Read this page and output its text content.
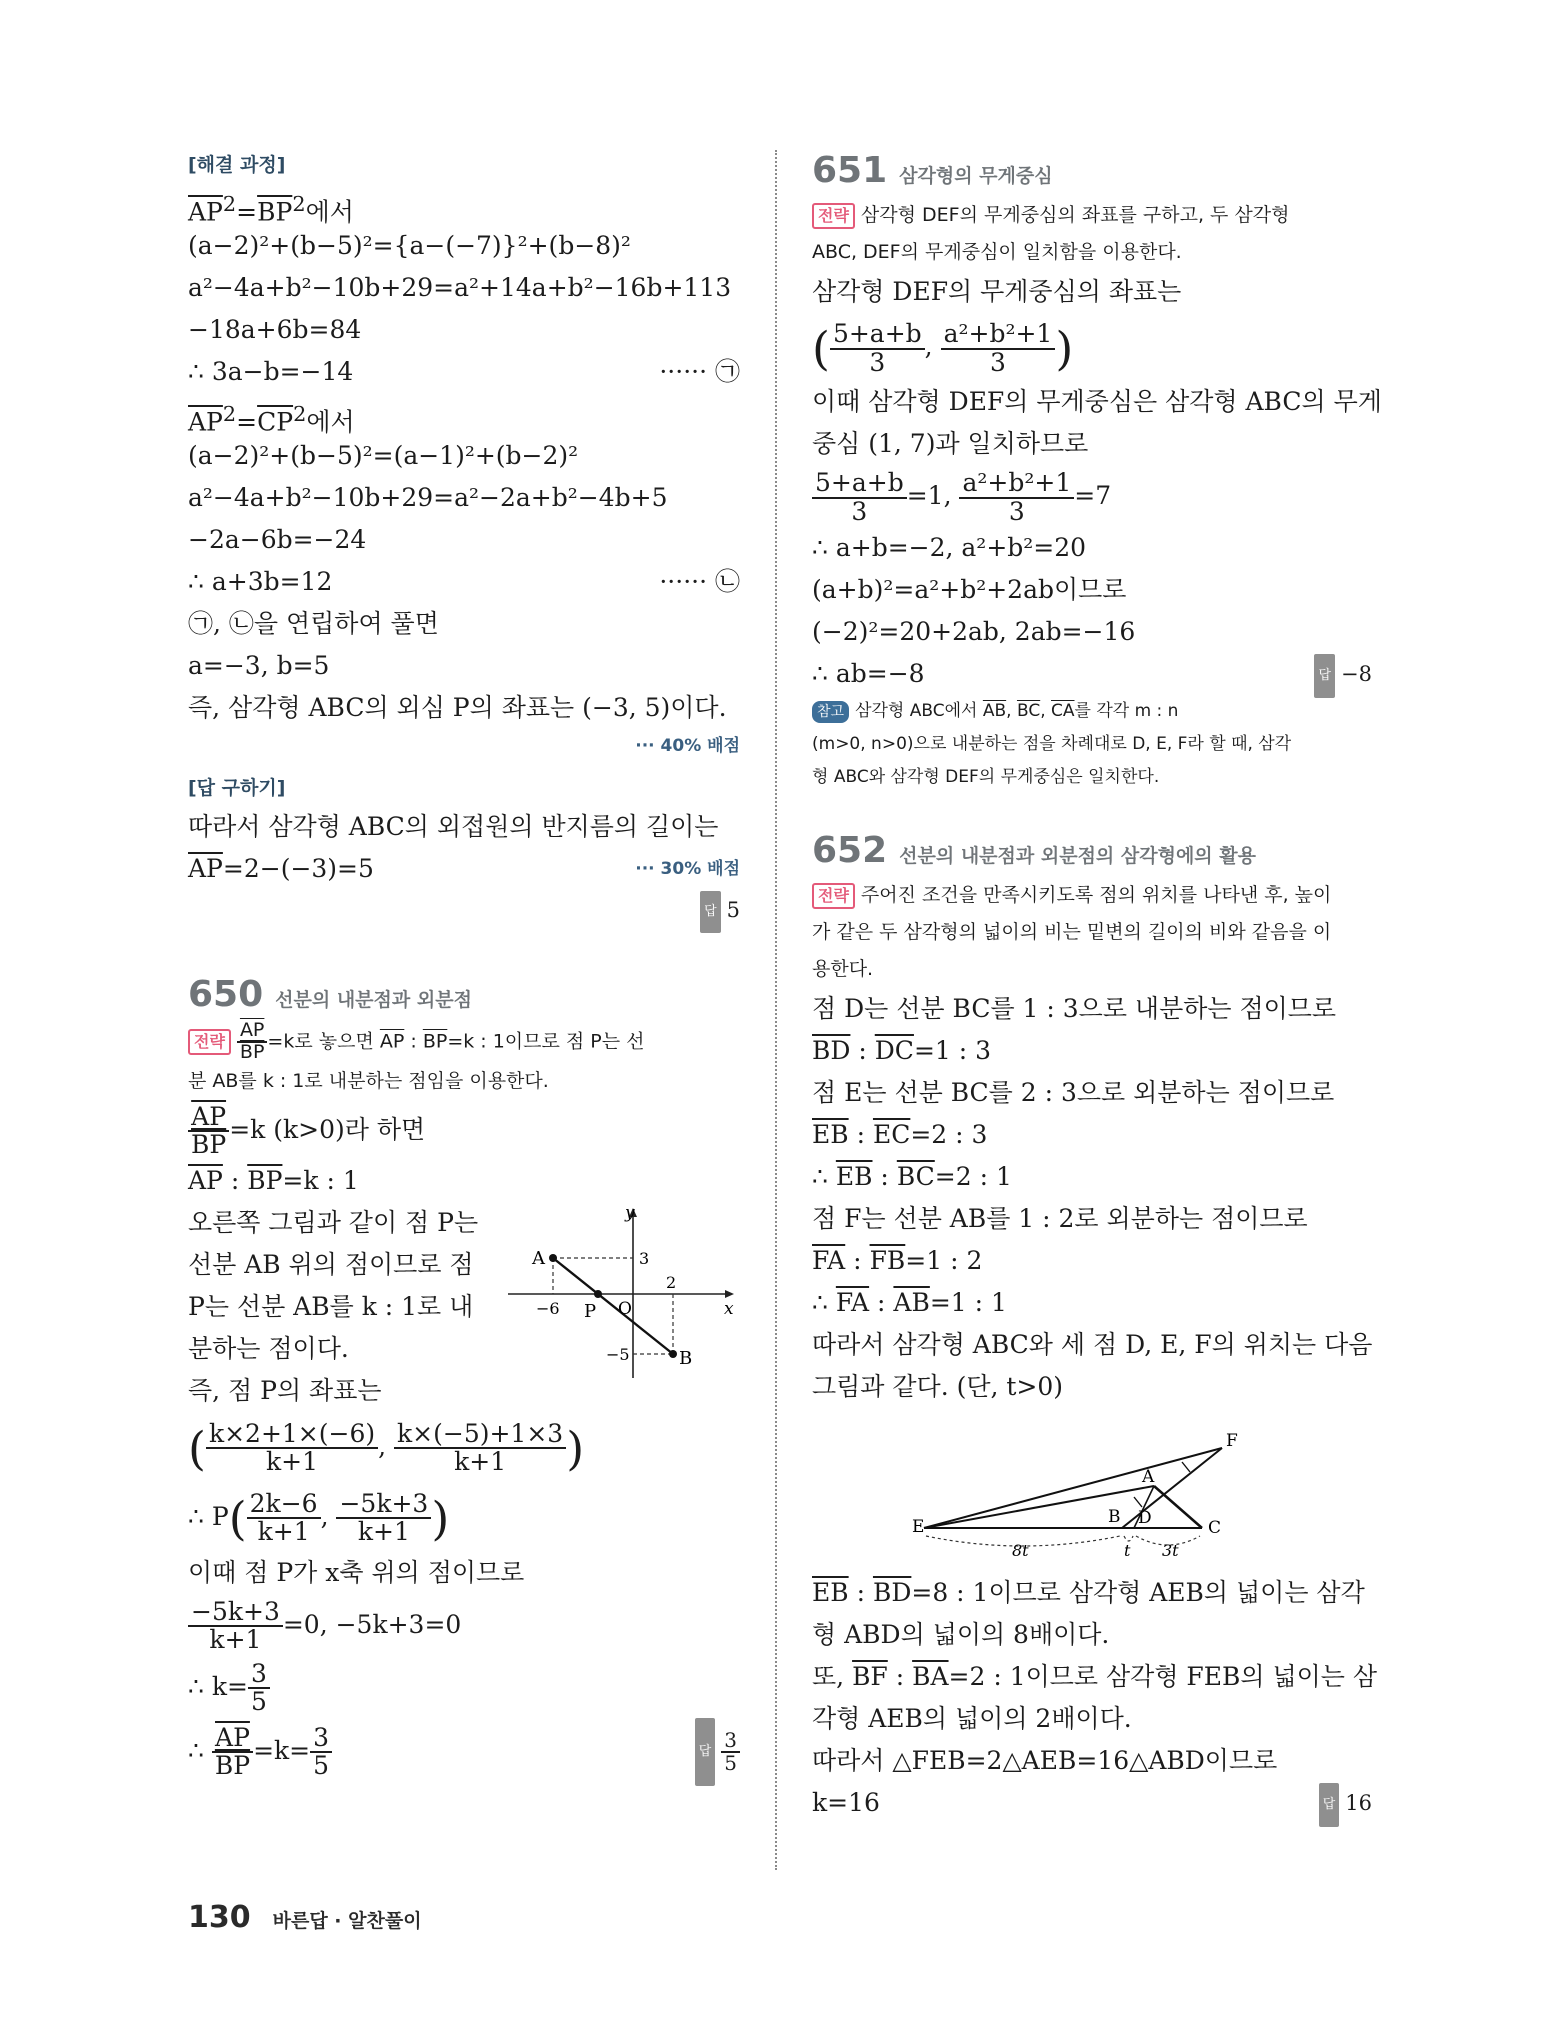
[해결 과정]
$\overline{AP}^2=\overline{BP}^2$에서
(a−2)²+(b−5)²={a−(−7)}²+(b−8)²
a²−4a+b²−10b+29=a²+14a+b²−16b+113
−18a+6b=84
∴ 3a−b=−14	······ ㉠
$\overline{AP}^2=\overline{CP}^2$에서
(a−2)²+(b−5)²=(a−1)²+(b−2)²
a²−4a+b²−10b+29=a²−2a+b²−4b+5
−2a−6b=−24
∴ a+3b=12	······ ㉡
㉠, ㉡을 연립하여 풀면
a=−3, b=5
즉, 삼각형 ABC의 외심 P의 좌표는 (−3, 5)이다.
··· 40% 배점
[답 구하기]
따라서 삼각형 ABC의 외접원의 반지름의 길이는
$\overline{AP}=2-(-3)=5$	··· 30% 배점
답 5
650 선분의 내분점과 외분점
전략 $\frac{\overline{AP}}{BP} =k$로 놓으면 $\overline{AP}$ : $\overline{BP}=k$ : 1이므로 점 P는 선
분 AB를 k : 1로 내분하는 점임을 이용한다.
$\frac{\overline{AP}}{BP} =k$ (k>0)라 하면
$\overline{AP}$ : $\overline{BP}=k$ : 1
오른쪽 그림과 같이 점 P는
선분 AB 위의 점이므로 점
P는 선분 AB를 k : 1로 내
분하는 점이다.
즉, 점 P의 좌표는
y
x
O
A
B
P
3
2
−6
−5
( $\frac{k\times 2+1\times(-6)}{k+1}$ , $\frac{k\times(-5)+1\times 3}{k+1}$ )
∴ $P( \frac{2k-6}{k+1}$ , $\frac{-5k+3}{k+1}$ )
이때 점 P가 x축 위의 점이므로
$\frac{-5k+3}{k+1} =0$, −5k+3=0
∴ $k= \frac{3}{5}$
∴ $\frac{\overline{AP}}{BP} =k= \frac{3}{5}$	답 $\frac{3}{5}$
651 삼각형의 무게중심
전략 삼각형 DEF의 무게중심의 좌표를 구하고, 두 삼각형
ABC, DEF의 무게중심이 일치함을 이용한다.
삼각형 DEF의 무게중심의 좌표는
( $\frac{5+a+b}{3}$ , $\frac{\text{a²+b²+1}}{3}$ )
이때 삼각형 DEF의 무게중심은 삼각형 ABC의 무게
중심 (1, 7)과 일치하므로
$\frac{5+a+b}{3} =1$, $\frac{\text{a²+b²+1}}{3} =7$
∴ a+b=−2, a²+b²=20
(a+b)²=a²+b²+2ab이므로
(−2)²=20+2ab, 2ab=−16
∴ ab=−8	답 −8
참고 삼각형 ABC에서 $\overline{AB}$, $\overline{BC}$, $\overline{CA}$를 각각 m : n
(m>0, n>0)으로 내분하는 점을 차례대로 D, E, F라 할 때, 삼각
형 ABC와 삼각형 DEF의 무게중심은 일치한다.
652 선분의 내분점과 외분점의 삼각형에의 활용
전략 주어진 조건을 만족시키도록 점의 위치를 나타낸 후, 높이
가 같은 두 삼각형의 넓이의 비는 밑변의 길이의 비와 같음을 이
용한다.
점 D는 선분 BC를 1 : 3으로 내분하는 점이므로
$\overline{BD}$ : $\overline{DC}=1$ : 3
점 E는 선분 BC를 2 : 3으로 외분하는 점이므로
$\overline{EB}$ : $\overline{EC}=2$ : 3
∴ $\overline{EB}$ : $\overline{BC}=2$ : 1
점 F는 선분 AB를 1 : 2로 외분하는 점이므로
$\overline{FA}$ : $\overline{FB}=1$ : 2
∴ $\overline{FA}$ : $\overline{AB}=1$ : 1
따라서 삼각형 ABC와 세 점 D, E, F의 위치는 다음
그림과 같다. (단, t>0)
E
A
B
C
D
F
8t	t 3t
$\overline{EB}$ : $\overline{BD}=8$ : 1이므로 삼각형 AEB의 넓이는 삼각
형 ABD의 넓이의 8배이다.
또, $\overline{BF}$ : $\overline{BA}=2$ : 1이므로 삼각형 FEB의 넓이는 삼
각형 AEB의 넓이의 2배이다.
따라서 △FEB=2△AEB=16△ABD이므로
k=16	답 16
130 바른답 · 알찬풀이
